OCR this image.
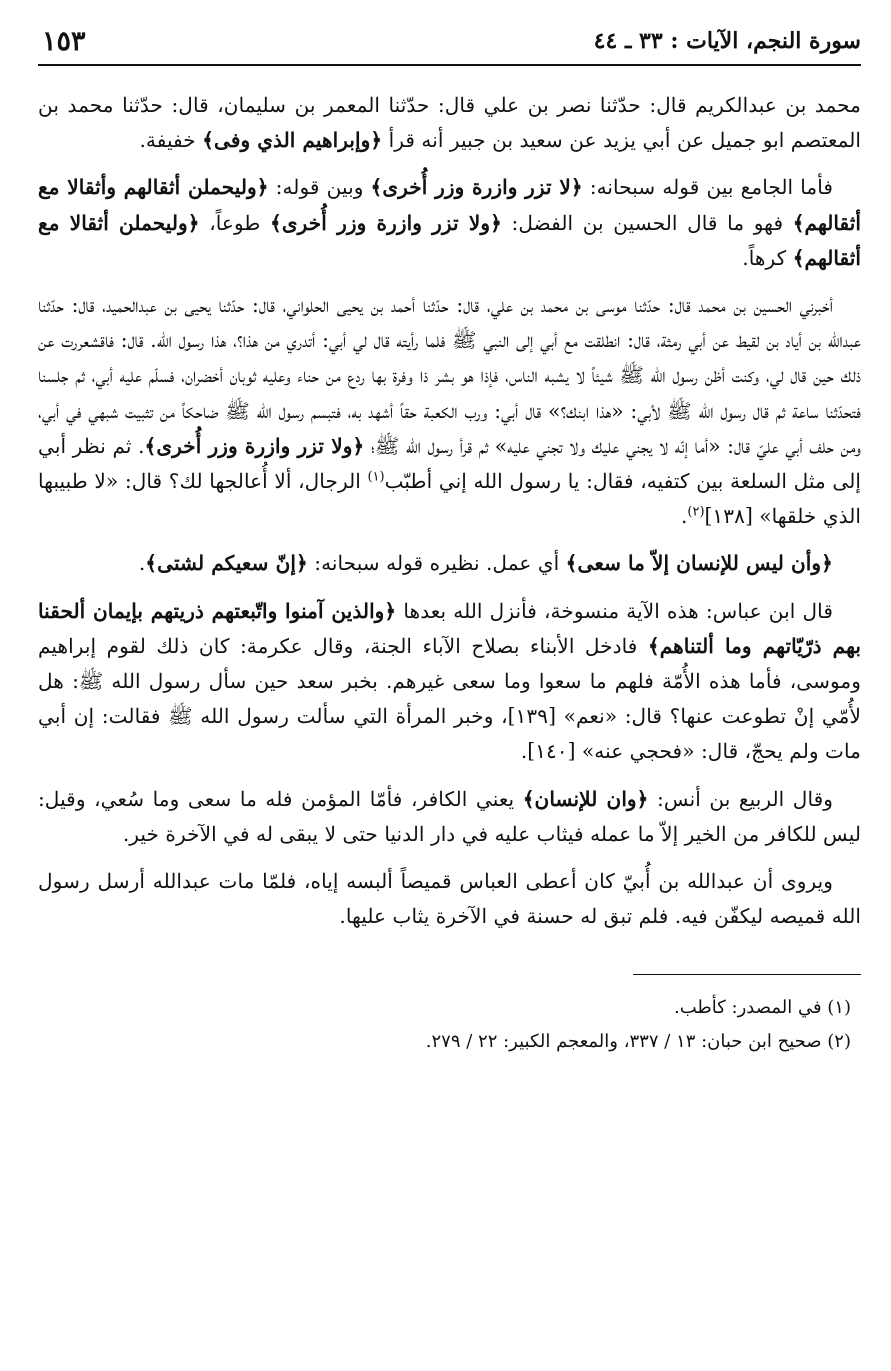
سورة النجم، الآيات : ٣٣ ـ ٤٤
١٥٣

محمد بن عبدالكريم قال: حدّثنا نصر بن علي قال: حدّثنا المعمر بن سليمان، قال: حدّثنا محمد بن المعتصم ابو جميل عن أبي يزيد عن سعيد بن جبير أنه قرأ ﴿وإبراهيم الذي وفى﴾ خفيفة.

فأما الجامع بين قوله سبحانه: ﴿لا تزر وازرة وزر أُخرى﴾ وبين قوله: ﴿وليحملن أثقالهم وأثقالا مع أثقالهم﴾ فهو ما قال الحسين بن الفضل: ﴿ولا تزر وازرة وزر أُخرى﴾ طوعاً، ﴿وليحملن أثقالا مع أثقالهم﴾ كرهاً.

أخبرني الحسين بن محمد قال: حدّثنا موسى بن محمد بن علي، قال: حدّثنا أحمد بن يحيى الحلواني، قال: حدّثنا يحيى بن عبدالحميد، قال: حدّثنا عبدالله بن أياد بن لقيط عن أبي رمثة، قال: انطلقت مع أبي إلى النبي ﷺ فلما رأيته قال لي أبي: أتدري من هذا؟، هذا رسول الله. قال: فاقشعررت عن ذلك حين قال لي، وكنت أظن رسول الله ﷺ شيئاً لا يشبه الناس، فإذا هو بشر ذا وفرة بها ردع من حناء وعليه ثوبان أخضران، فسلّم عليه أبي، ثم جلسنا فتحدّثنا ساعة ثم قال رسول الله ﷺ لأبي: «هذا ابنك؟» قال أبي: ورب الكعبة حقاً أشهد به، فتبسم رسول الله ﷺ ضاحكاً من تثبيت شبهي في أبي، ومن حلف أبي عليّ قال: «أما إنّه لا يجني عليك ولا تجني عليه» ثم قرأ رسول الله ﷺ؛ ﴿ولا تزر وازرة وزر أُخرى﴾. ثم نظر أبي إلى مثل السلعة بين كتفيه، فقال: يا رسول الله إني أطبّب$^{(١)}$ الرجال، ألا أُعالجها لك؟ قال: «لا طبيبها الذي خلقها» [١٣٨]$^{(٢)}$.

﴿وأن ليس للإنسان إلاّ ما سعى﴾ أي عمل. نظيره قوله سبحانه: ﴿إنّ سعيكم لشتى﴾.

قال ابن عباس: هذه الآية منسوخة، فأنزل الله بعدها ﴿والذين آمنوا واتّبعتهم ذريتهم بإيمان ألحقنا بهم ذرّيّاتهم وما ألتناهم﴾ فادخل الأبناء بصلاح الآباء الجنة، وقال عكرمة: كان ذلك لقوم إبراهيم وموسى، فأما هذه الأُمّة فلهم ما سعوا وما سعى غيرهم. بخبر سعد حين سأل رسول الله ﷺ: هل لأُمّي إنْ تطوعت عنها؟ قال: «نعم» [١٣٩]، وخبر المرأة التي سألت رسول الله ﷺ فقالت: إن أبي مات ولم يحجّ، قال: «فحجي عنه» [١٤٠].

وقال الربيع بن أنس: ﴿وان للإنسان﴾ يعني الكافر، فأمّا المؤمن فله ما سعى وما سُعي، وقيل: ليس للكافر من الخير إلاّ ما عمله فيثاب عليه في دار الدنيا حتى لا يبقى له في الآخرة خير.

ويروى أن عبدالله بن أُبيّ كان أعطى العباس قميصاً ألبسه إياه، فلمّا مات عبدالله أرسل رسول الله قميصه ليكفّن فيه. فلم تبق له حسنة في الآخرة يثاب عليها.

(١) في المصدر: كأطب.

(٢) صحيح ابن حبان: ١٣ / ٣٣٧، والمعجم الكبير: ٢٢ / ٢٧٩.
